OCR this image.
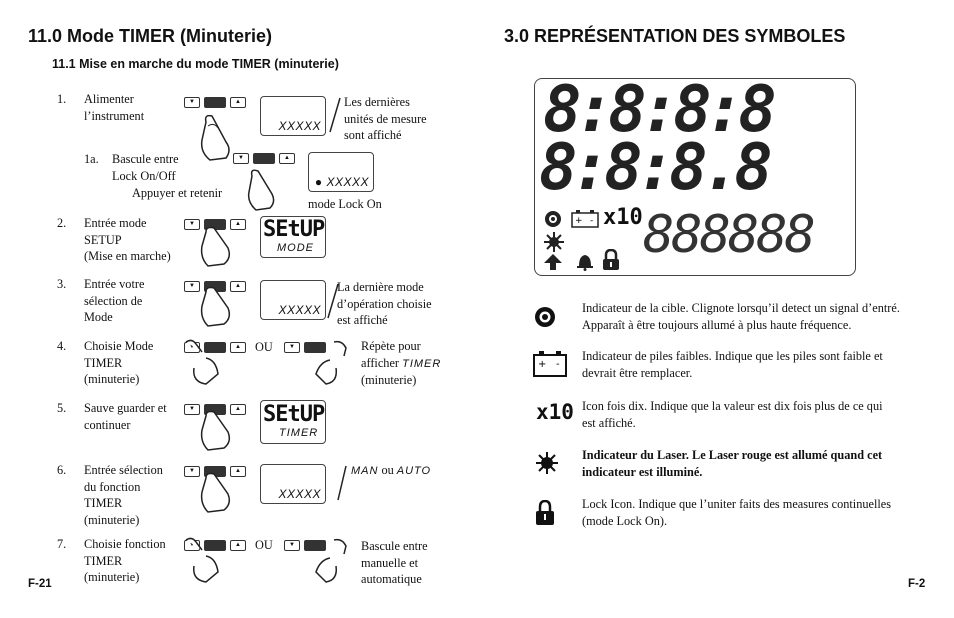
11.0 Mode TIMER (Minuterie)
11.1 Mise en marche du mode TIMER (minuterie)
1. Alimenter
l’instrument
▼	▲
XXXXX
Les dernières
unités de mesure
sont affiché
1a. Bascule entre
Lock On/Off
Appuyer et retenir
▼	▲
● XXXXX
mode Lock On
2. Entrée mode
SETUP
(Mise en marche)
▼	▲ SEtUP
MODE
3. Entrée votre
sélection de
Mode
▼	▲
XXXXX
La dernière mode
d’opération choisie
est affiché
4. Choisie Mode
TIMER
(minuterie)
▼	▲	OU	▼	Répète pour
afficher TIMER
(minuterie)
5. Sauve guarder et
continuer
▼	▲ SEtUP
TIMER
6. Entrée sélection
du fonction
TIMER
(minuterie)
▼	▲
XXXXX
MAN ou AUTO
7. Choisie fonction
TIMER
(minuterie)
▼	▲	OU	▼	Bascule entre
manuelle et
automatique
F-21
3.0 REPRÉSENTATION DES SYMBOLES
8:8:8:8
8:8:8.8
+ - x10 888888
Indicateur de la cible. Clignote lorsqu’il detect un signal d’entré.
Apparaît à être toujours allumé à plus haute fréquence.
+ -
Indicateur de piles faibles. Indique que les piles sont faible et
devrait être remplacer.
x10 Icon fois dix. Indique que la valeur est dix fois plus de ce qui
est affiché.
Indicateur du Laser. Le Laser rouge est allumé quand cet
indicateur est illuminé.
Lock Icon. Indique que l’uniter faits des measures continuelles
(mode Lock On).
F-2
